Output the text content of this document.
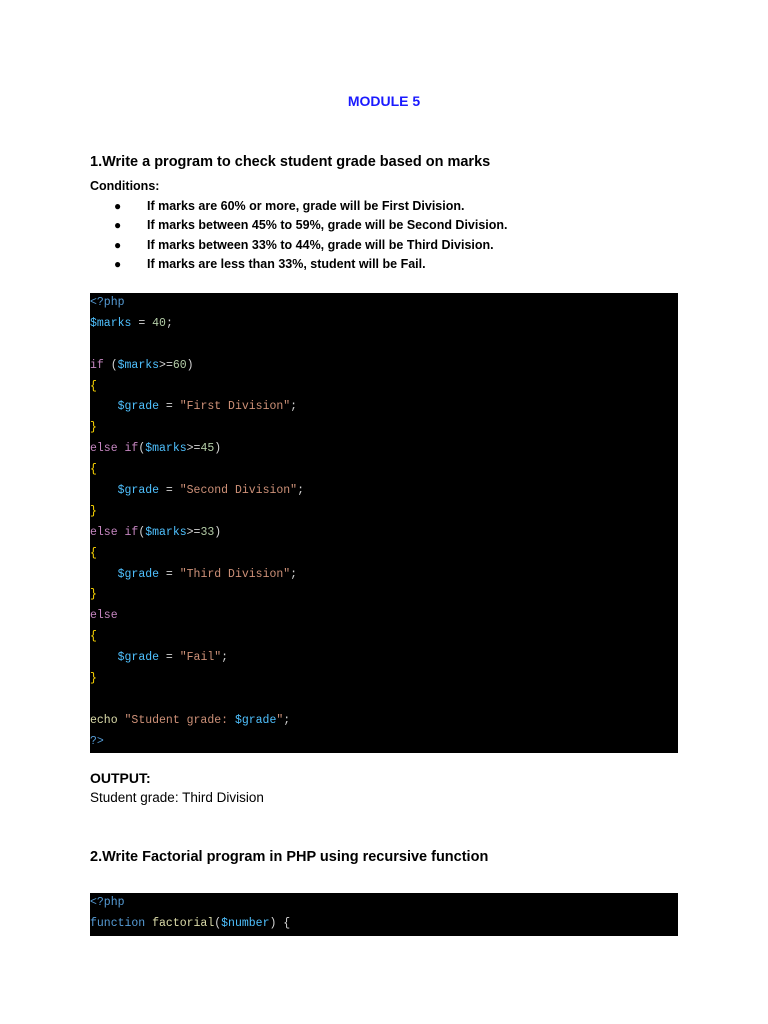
MODULE 5
1.Write a program to check student grade based on marks
Conditions:
● If marks are 60% or more, grade will be First Division.
● If marks between 45% to 59%, grade will be Second Division.
● If marks between 33% to 44%, grade will be Third Division.
● If marks are less than 33%, student will be Fail.
<?php
$marks = 40;
if ($marks>=60)
{
$grade = "First Division";
}
else if($marks>=45)
{
$grade = "Second Division";
}
else if($marks>=33)
{
$grade = "Third Division";
}
else
{
$grade = "Fail";
}
echo "Student grade: $grade";
?>
OUTPUT:
Student grade: Third Division
2.Write Factorial program in PHP using recursive function
<?php
function factorial($number) {
